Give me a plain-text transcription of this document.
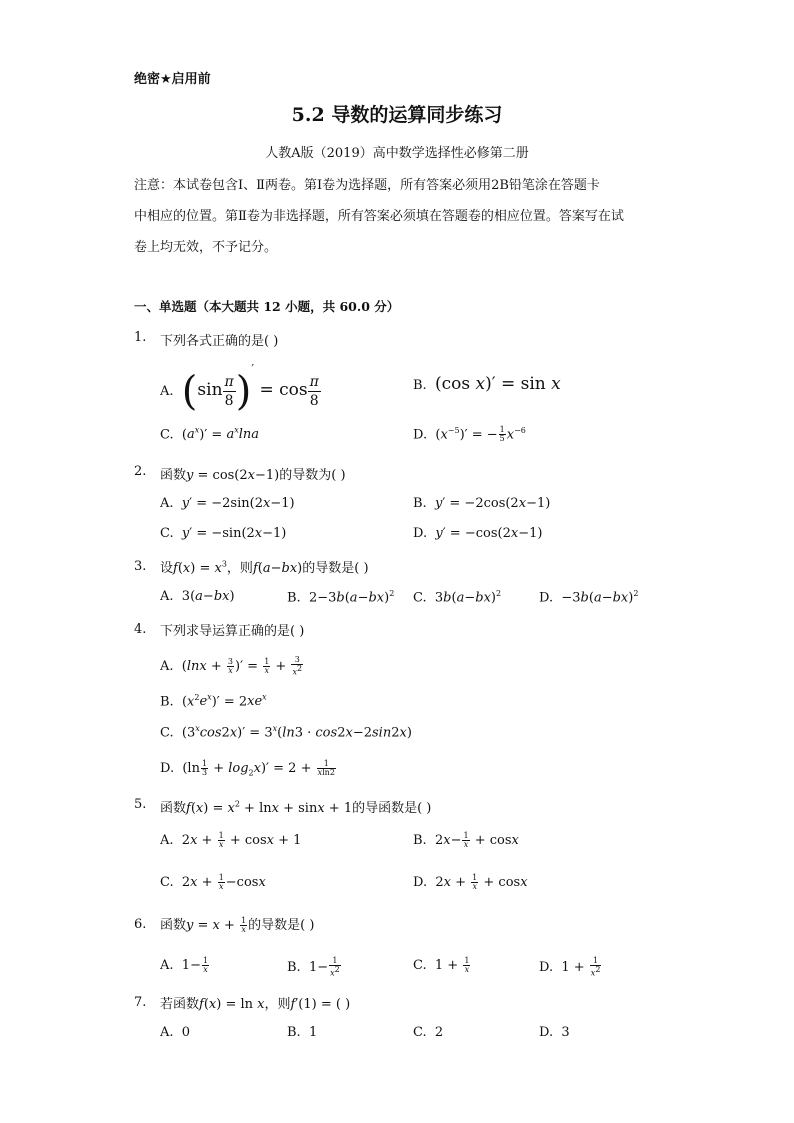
绝密★启用前
5.2 导数的运算同步练习
人教A版（2019）高中数学选择性必修第二册
注意：本试卷包含Ⅰ、Ⅱ两卷。第Ⅰ卷为选择题，所有答案必须用2B铅笔涂在答题卡
中相应的位置。第Ⅱ卷为非选择题，所有答案必须填在答题卷的相应位置。答案写在试
卷上均无效，不予记分。
一、单选题（本大题共 12 小题，共 60.0 分）
1. 下列各式正确的是( )
A. $(\sin \frac{\pi}{8} )' = \cos \frac{\pi}{8}$	B. (cos x)′ = sin x
C.  $(a^x)' = a^x\ln a$	D.  $(x^{-5})'$ = − $\frac{1}{5} x^{-6}$
2. 函数y = cos(2x−1)的导数为( )
A. y′ = −2sin(2x−1)	B. y′ = −2cos(2x−1)
C. y′ = −sin(2x−1)	D. y′ = −cos(2x−1)
3. 设$f(x) = x^3$，则f(a−bx)的导数是( )
A.  3(a−bx)	B.  $2-3b(a-bx)^2$ C.  $3b(a-bx)^2$	D.  $-3b(a-bx)^2$
4. 下列求导运算正确的是( )
A.  ($\ln x + \frac{3}{x}$ )′ = $\frac{1}{x} + \frac{3}{x^2}$
B.  $(x^2e^x)' = 2xe^x$
C.  $(3^x\cos 2x)' = 3^x(\ln 3 \cdot \cos 2x-2\sin 2x)$
D.  $(\ln \frac{1}{3} + \log_2x)' = 2 + \frac{1}{xln2}$
5. 函数$f(x) = x^2 + \ln x + \sin x + 1$的导函数是( )
A.  $2x + \frac{1}{x} + \cos x + 1$	B.  $2x- \frac{1}{x} + \cos x$
C.  $2x + \frac{1}{x} -\cos x$	D.  $2x + \frac{1}{x} + \cos x$
6. 函数$y = x + \frac{1}{x}$ 的导数是( )
A.  $1- \frac{1}{x}$	B.  $1- \frac{1}{x^2}$	C.  $1 + \frac{1}{x}$	D.  $1 + \frac{1}{x^2}$
7. 若函数f(x) = ln x，则f′(1) = ( )
A. 0	B. 1	C. 2	D. 3
